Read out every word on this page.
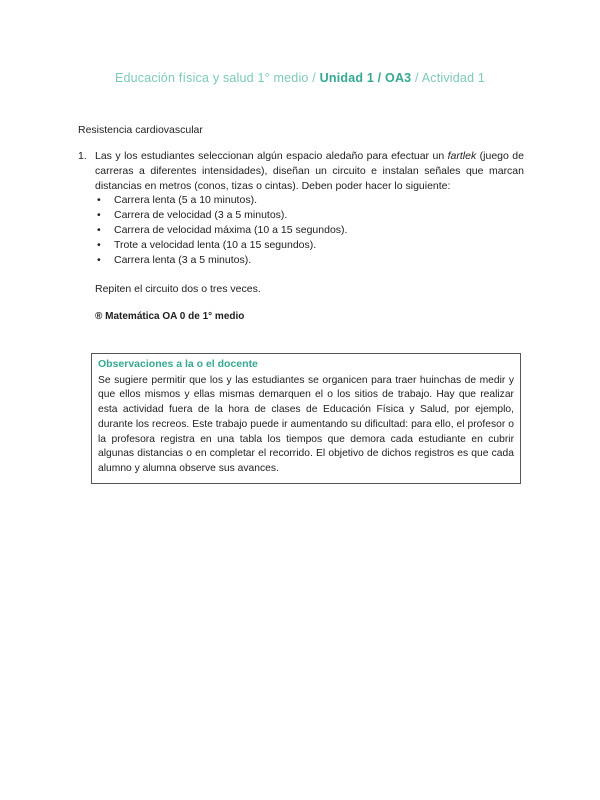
Educación física y salud 1° medio / Unidad 1 / OA3 / Actividad 1
Resistencia cardiovascular
1. Las y los estudiantes seleccionan algún espacio aledaño para efectuar un fartlek (juego de carreras a diferentes intensidades), diseñan un circuito e instalan señales que marcan distancias en metros (conos, tizas o cintas). Deben poder hacer lo siguiente:
• Carrera lenta (5 a 10 minutos).
• Carrera de velocidad (3 a 5 minutos).
• Carrera de velocidad máxima (10 a 15 segundos).
• Trote a velocidad lenta (10 a 15 segundos).
• Carrera lenta (3 a 5 minutos).
Repiten el circuito dos o tres veces.
® Matemática OA 0 de 1° medio
Observaciones a la o el docente
Se sugiere permitir que los y las estudiantes se organicen para traer huinchas de medir y que ellos mismos y ellas mismas demarquen el o los sitios de trabajo. Hay que realizar esta actividad fuera de la hora de clases de Educación Física y Salud, por ejemplo, durante los recreos. Este trabajo puede ir aumentando su dificultad: para ello, el profesor o la profesora registra en una tabla los tiempos que demora cada estudiante en cubrir algunas distancias o en completar el recorrido. El objetivo de dichos registros es que cada alumno y alumna observe sus avances.
